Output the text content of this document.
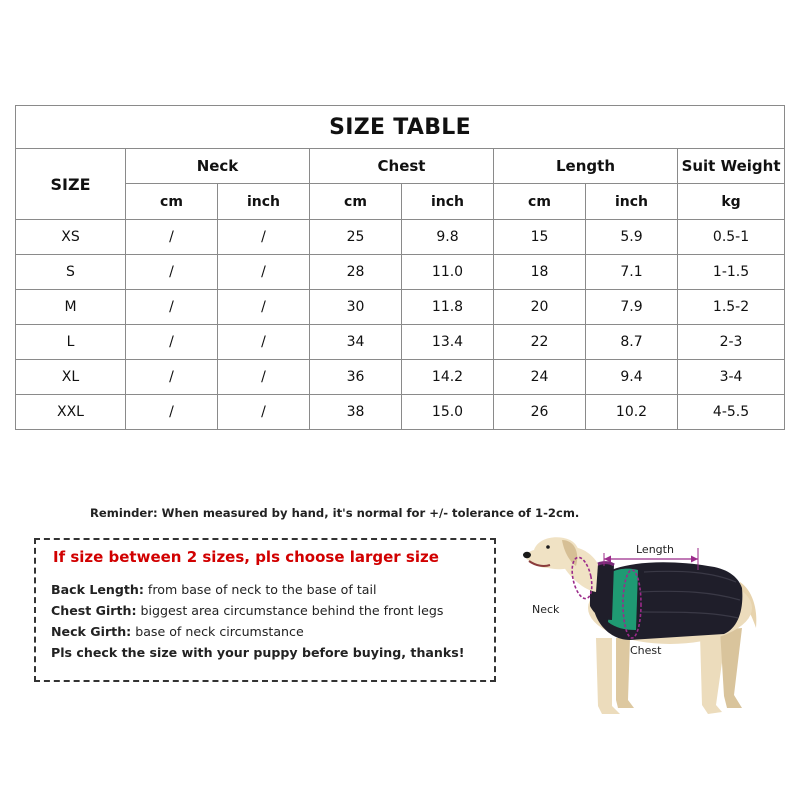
SIZE TABLE							
SIZE	Neck		Chest		Length		Suit Weight
	cm	inch	cm	inch	cm	inch	kg
XS	/	/	25	9.8	15	5.9	0.5-1
S	/	/	28	11.0	18	7.1	1-1.5
M	/	/	30	11.8	20	7.9	1.5-2
L	/	/	34	13.4	22	8.7	2-3
XL	/	/	36	14.2	24	9.4	3-4
XXL	/	/	38	15.0	26	10.2	4-5.5
Reminder: When measured by hand, it's normal for +/- tolerance of 1-2cm.
If size between 2 sizes, pls choose larger size
Back Length: from base of neck to the base of tail
Chest Girth: biggest area circumstance behind the front legs
Neck Girth: base of neck circumstance
Pls check the size with your puppy before buying, thanks!
Length
Neck
Chest
